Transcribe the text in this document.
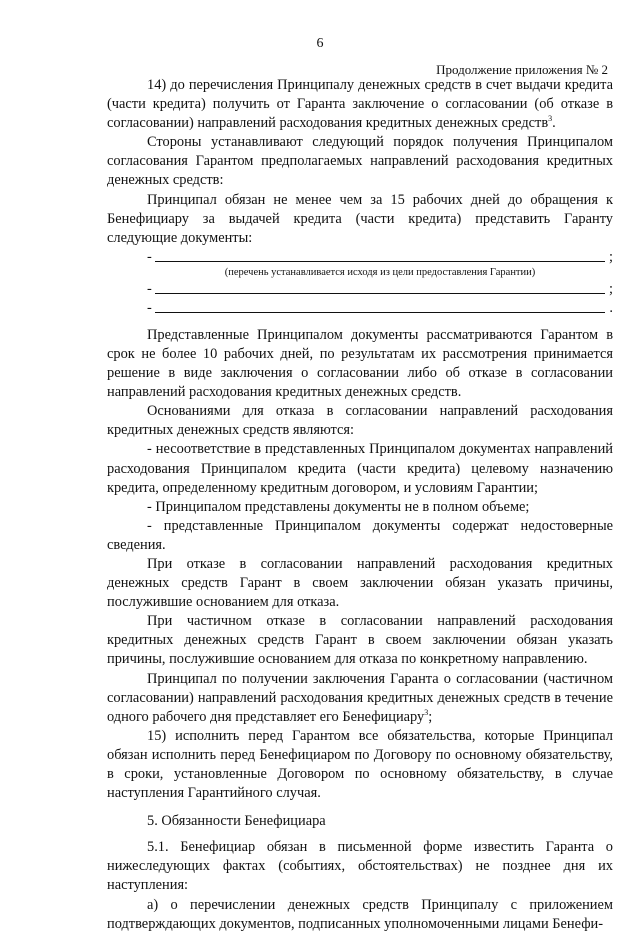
6
Продолжение приложения № 2

14) до перечисления Принципалу денежных средств в счет выдачи кредита (части кредита) получить от Гаранта заключение о согласовании (об отказе в согласовании) направлений расходования кредитных денежных средств$^3$.

Стороны устанавливают следующий порядок получения Принципалом согласования Гарантом предполагаемых направлений расходования кредитных денежных средств:

Принципал обязан не менее чем за 15 рабочих дней до обращения к Бенефициару за выдачей кредита (части кредита) представить Гаранту следующие документы:

-	;
(перечень устанавливается исходя из цели предоставления Гарантии)
-	;
-	.

Представленные Принципалом документы рассматриваются Гарантом в срок не более 10 рабочих дней, по результатам их рассмотрения принимается решение в виде заключения о согласовании либо об отказе в согласовании направлений расходования кредитных денежных средств.

Основаниями для отказа в согласовании направлений расходования кредитных денежных средств являются:

- несоответствие в представленных Принципалом документах направлений расходования Принципалом кредита (части кредита) целевому назначению кредита, определенному кредитным договором, и условиям Гарантии;

- Принципалом представлены документы не в полном объеме;

- представленные Принципалом документы содержат недостоверные сведения.

При отказе в согласовании направлений расходования кредитных денежных средств Гарант в своем заключении обязан указать причины, послужившие основанием для отказа.

При частичном отказе в согласовании направлений расходования кредитных денежных средств Гарант в своем заключении обязан указать причины, послужившие основанием для отказа по конкретному направлению.

Принципал по получении заключения Гаранта о согласовании (частичном согласовании) направлений расходования кредитных денежных средств в течение одного рабочего дня представляет его Бенефициару$^3$;

15) исполнить перед Гарантом все обязательства, которые Принципал обязан исполнить перед Бенефициаром по Договору по основному обязательству, в сроки, установленные Договором по основному обязательству, в случае наступления Гарантийного случая.

5. Обязанности Бенефициара

5.1. Бенефициар обязан в письменной форме известить Гаранта о нижеследующих фактах (событиях, обстоятельствах) не позднее дня их наступления:

а) о перечислении денежных средств Принципалу с приложением подтверждающих документов, подписанных уполномоченными лицами Бенефи-
